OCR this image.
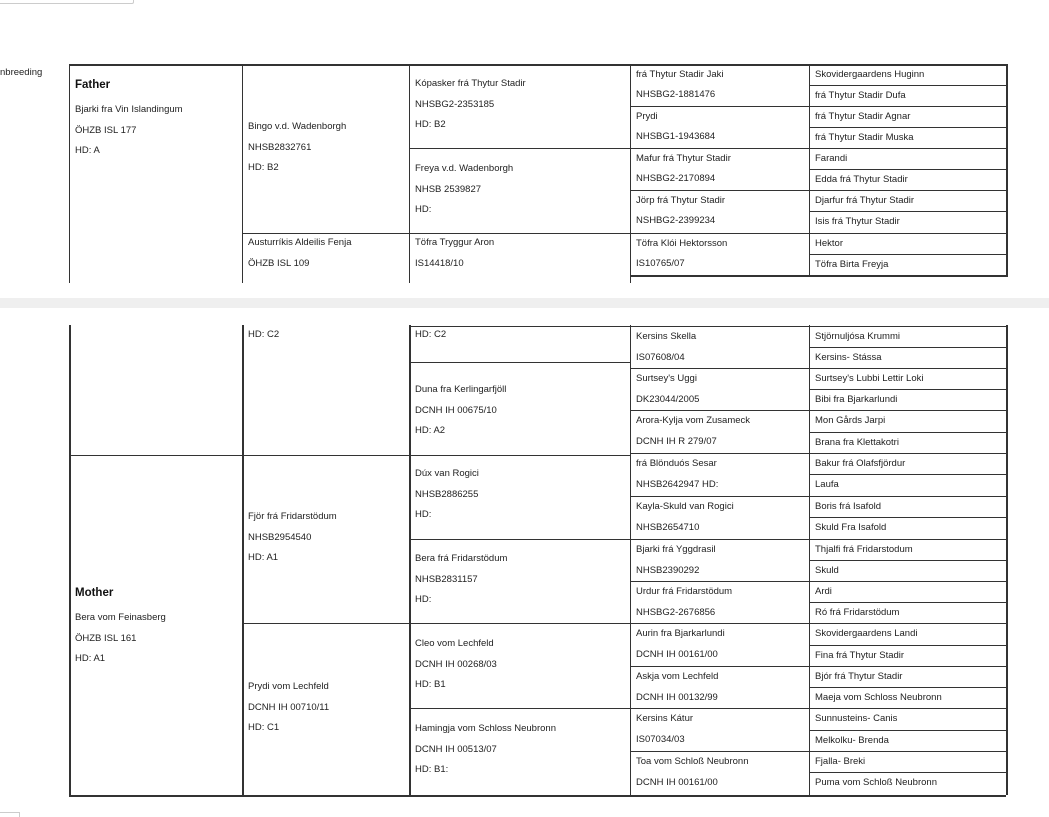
nbreeding
Father
Bjarki fra Vin Islandingum
ÖHZB ISL 177
HD: A
Bingo v.d. Wadenborgh
NHSB2832761
HD: B2
Austurríkis Aldeilis Fenja
ÖHZB ISL 109
Kópasker frá Thytur Stadir
NHSBG2-2353185
HD: B2
Freya v.d. Wadenborgh
NHSB 2539827
HD:
Töfra Tryggur Aron
IS14418/10
frá Thytur Stadir Jaki
NHSBG2-1881476
Prydi
NHSBG1-1943684
Mafur frá Thytur Stadir
NHSBG2-2170894
Jörp frá Thytur Stadir
NSHBG2-2399234
Töfra Klói Hektorsson
IS10765/07
Skovidergaardens Huginn
frá Thytur Stadir Dufa
frá Thytur Stadir Agnar
frá Thytur Stadir Muska
Farandi
Edda frá Thytur Stadir
Djarfur frá Thytur Stadir
Isis frá Thytur Stadir
Hektor
Töfra Birta Freyja
HD: C2	HD: C2
Duna fra Kerlingarfjöll
DCNH IH 00675/10
HD: A2
Kersins Skella
IS07608/04
Surtsey's Uggi
DK23044/2005
Arora-Kylja vom Zusameck
DCNH IH R 279/07
Stjörnuljósa Krummi
Kersins- Stássa
Surtsey's Lubbi Lettir Loki
Bibi fra Bjarkarlundi
Mon Gårds Jarpi
Brana fra Klettakotri
Mother
Bera vom Feinasberg
ÖHZB ISL 161
HD: A1
Fjör frá Fridarstödum
NHSB2954540
HD: A1
Prydi vom Lechfeld
DCNH IH 00710/11
HD: C1
Dúx van Rogici
NHSB2886255
HD:
Bera frá Fridarstödum
NHSB2831157
HD:
Cleo vom Lechfeld
DCNH IH 00268/03
HD: B1
Hamingja vom Schloss Neubronn
DCNH IH 00513/07
HD: B1:
frá Blönduós Sesar
NHSB2642947 HD:
Kayla-Skuld van Rogici
NHSB2654710
Bjarki frá Yggdrasil
NHSB2390292
Urdur frá Fridarstödum
NHSBG2-2676856
Aurin fra Bjarkarlundi
DCNH IH 00161/00
Askja vom Lechfeld
DCNH IH 00132/99
Kersins Kátur
IS07034/03
Toa vom Schloß Neubronn
DCNH IH 00161/00
Bakur frá Olafsfjördur
Laufa
Boris frá Isafold
Skuld Fra Isafold
Thjalfi frá Fridarstodum
Skuld
Ardi
Ró frá Fridarstödum
Skovidergaardens Landi
Fina frá Thytur Stadir
Bjór frá Thytur Stadir
Maeja vom Schloss Neubronn
Sunnusteins- Canis
Melkolku- Brenda
Fjalla- Breki
Puma vom Schloß Neubronn
